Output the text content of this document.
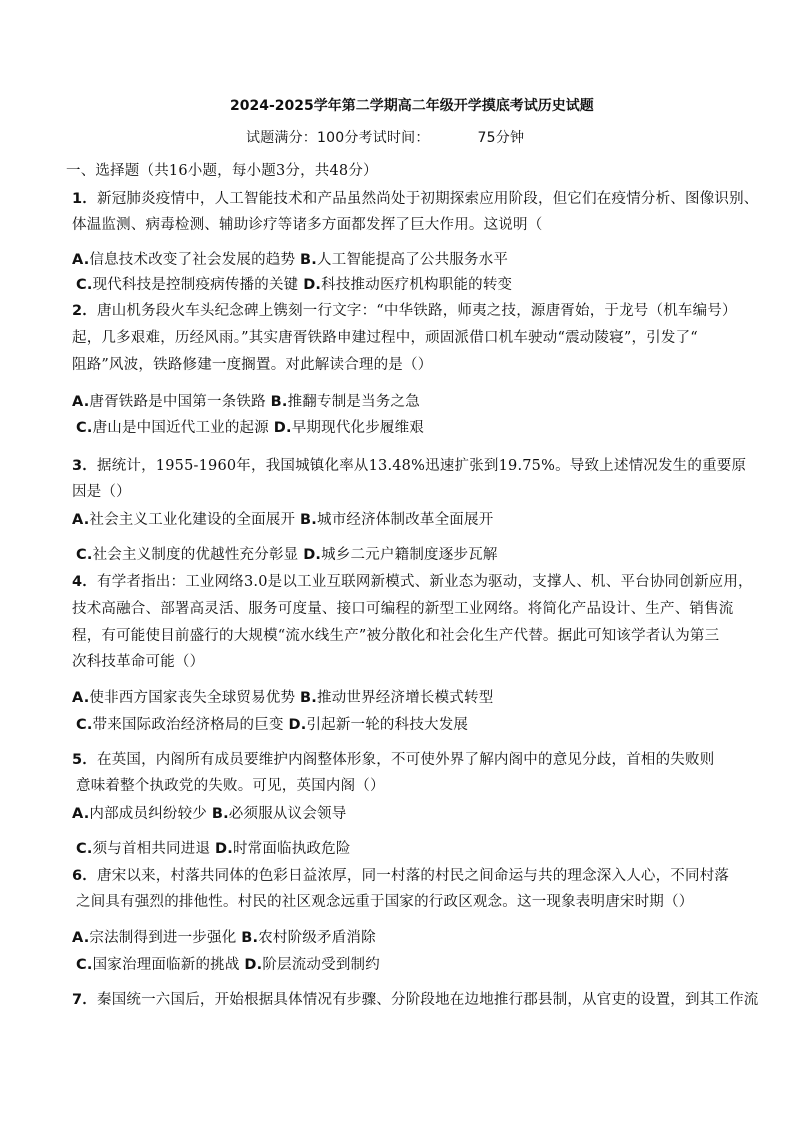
2024-2025学年第二学期高二年级开学摸底考试历史试题
试题满分：100分考试时间：	75分钟
一、选择题（共16小题，每小题3分，共48分）
1．新冠肺炎疫情中，人工智能技术和产品虽然尚处于初期探索应用阶段，但它们在疫情分析、图像识别、
体温监测、病毒检测、辅助诊疗等诸多方面都发挥了巨大作用。这说明（
A.信息技术改变了社会发展的趋势 B.人工智能提高了公共服务水平
C.现代科技是控制疫病传播的关键 D.科技推动医疗机构职能的转变
2．唐山机务段火车头纪念碑上镌刻一行文字：“中华铁路，师夷之技，源唐胥始，于龙号（机车编号）
起，几多艰难，历经风雨。”其实唐胥铁路申建过程中，顽固派借口机车驶动“震动陵寝”，引发了“
阻路”风波，铁路修建一度搁置。对此解读合理的是（）
A.唐胥铁路是中国第一条铁路 B.推翻专制是当务之急
C.唐山是中国近代工业的起源 D.早期现代化步履维艰
3．据统计，1955-1960年，我国城镇化率从13.48%迅速扩张到19.75%。导致上述情况发生的重要原
因是（）
A.社会主义工业化建设的全面展开 B.城市经济体制改革全面展开
C.社会主义制度的优越性充分彰显 D.城乡二元户籍制度逐步瓦解
4．有学者指出：工业网络3.0是以工业互联网新模式、新业态为驱动，支撑人、机、平台协同创新应用，
技术高融合、部署高灵活、服务可度量、接口可编程的新型工业网络。将简化产品设计、生产、销售流
程，有可能使目前盛行的大规模“流水线生产”被分散化和社会化生产代替。据此可知该学者认为第三
次科技革命可能（）
A.使非西方国家丧失全球贸易优势 B.推动世界经济增长模式转型
C.带来国际政治经济格局的巨变 D.引起新一轮的科技大发展
5．在英国，内阁所有成员要维护内阁整体形象，不可使外界了解内阁中的意见分歧，首相的失败则
意味着整个执政党的失败。可见，英国内阁（）
A.内部成员纠纷较少 B.必须服从议会领导
C.须与首相共同进退 D.时常面临执政危险
6．唐宋以来，村落共同体的色彩日益浓厚，同一村落的村民之间命运与共的理念深入人心，不同村落
之间具有强烈的排他性。村民的社区观念远重于国家的行政区观念。这一现象表明唐宋时期（）
A.宗法制得到进一步强化 B.农村阶级矛盾消除
C.国家治理面临新的挑战 D.阶层流动受到制约
7．秦国统一六国后，开始根据具体情况有步骤、分阶段地在边地推行郡县制，从官吏的设置，到其工作流
